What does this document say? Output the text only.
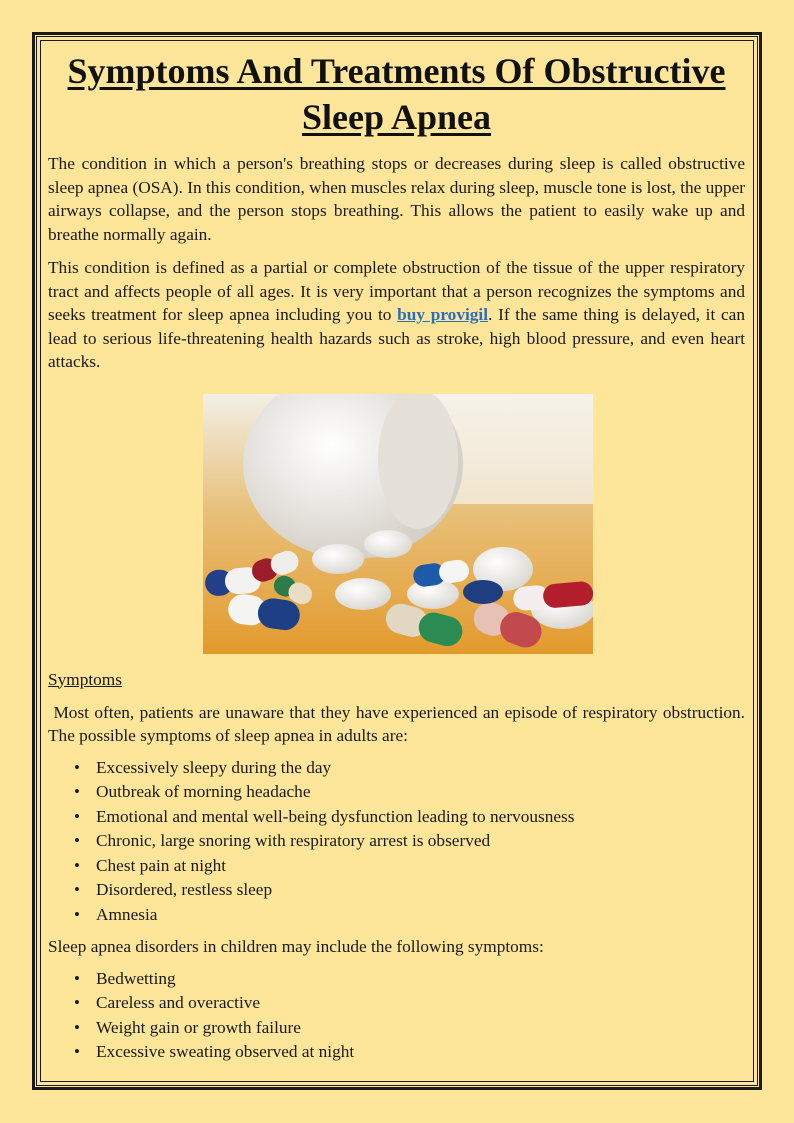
Symptoms And Treatments Of Obstructive Sleep Apnea

The condition in which a person's breathing stops or decreases during sleep is called obstructive sleep apnea (OSA). In this condition, when muscles relax during sleep, muscle tone is lost, the upper airways collapse, and the person stops breathing. This allows the patient to easily wake up and breathe normally again.

This condition is defined as a partial or complete obstruction of the tissue of the upper respiratory tract and affects people of all ages. It is very important that a person recognizes the symptoms and seeks treatment for sleep apnea including you to buy provigil. If the same thing is delayed, it can lead to serious life-threatening health hazards such as stroke, high blood pressure, and even heart attacks.

Symptoms

Most often, patients are unaware that they have experienced an episode of respiratory obstruction. The possible symptoms of sleep apnea in adults are:

• Excessively sleepy during the day
• Outbreak of morning headache
• Emotional and mental well-being dysfunction leading to nervousness
• Chronic, large snoring with respiratory arrest is observed
• Chest pain at night
• Disordered, restless sleep
• Amnesia

Sleep apnea disorders in children may include the following symptoms:

• Bedwetting
• Careless and overactive
• Weight gain or growth failure
• Excessive sweating observed at night
